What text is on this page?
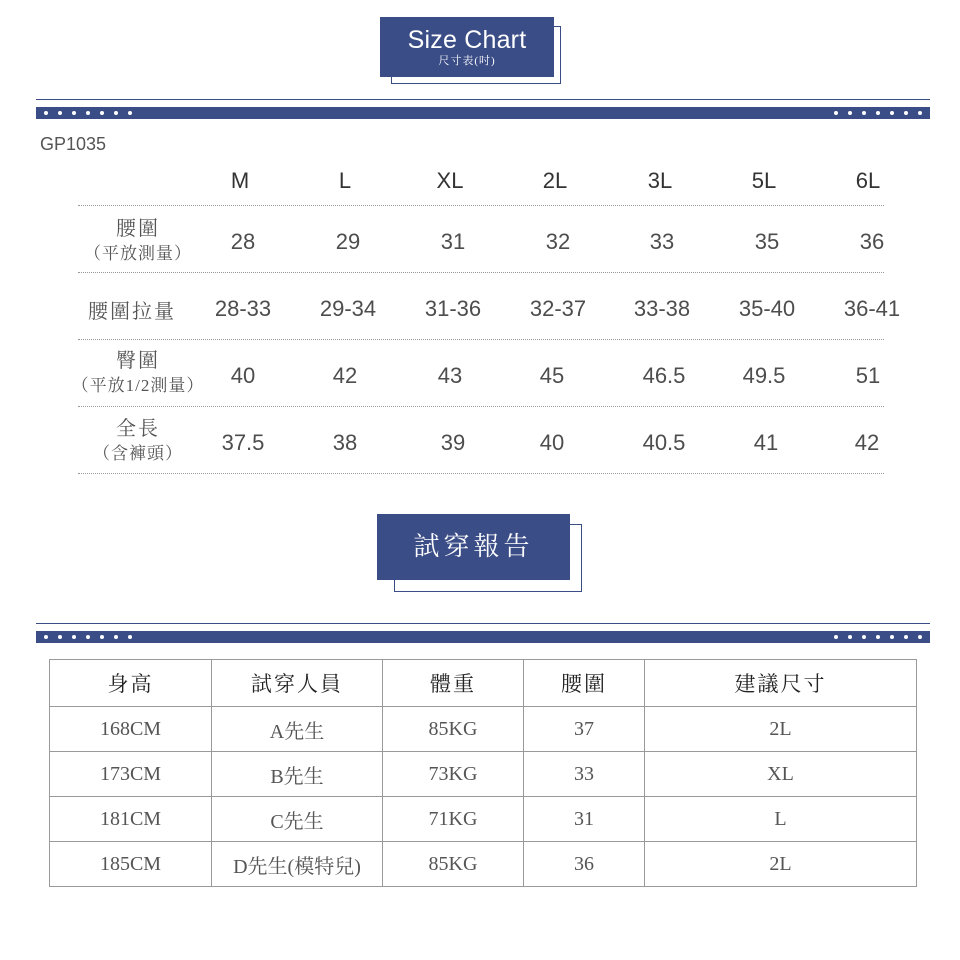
Size Chart
尺寸表(吋)
GP1035
M	L	XL	2L	3L	5L	6L
腰圍
（平放測量）	28	29	31	32	33	35	36
腰圍拉量	28-33	29-34	31-36	32-37	33-38	35-40	36-41
臀圍
（平放1/2測量）	40	42	43	45	46.5	49.5	51
全長
（含褲頭）	37.5	38	39	40	40.5	41	42
試穿報告
身高	試穿人員	體重	腰圍	建議尺寸
168CM	A先生	85KG	37	2L
173CM	B先生	73KG	33	XL
181CM	C先生	71KG	31	L
185CM	D先生(模特兒)	85KG	36	2L
